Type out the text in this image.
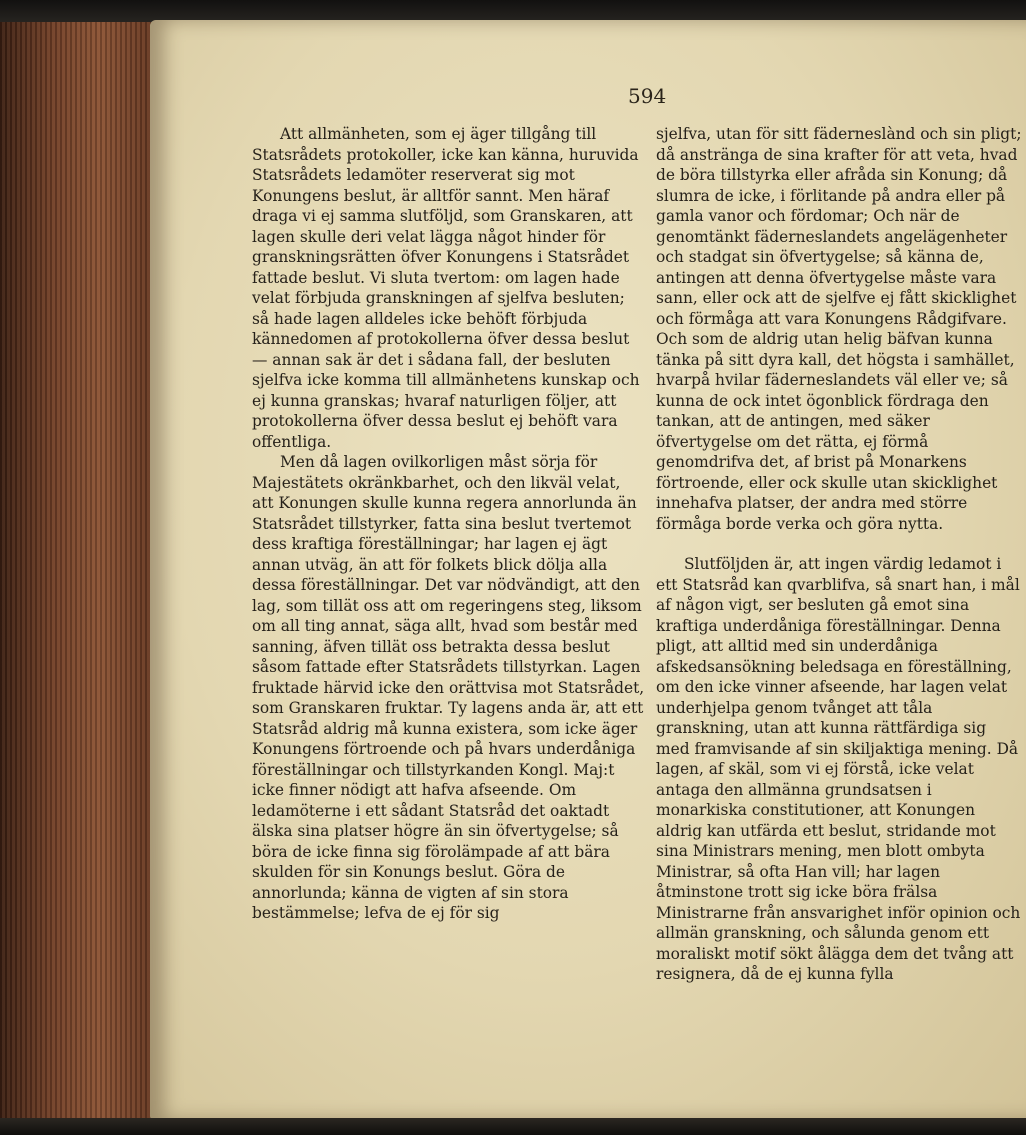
594

Att allmänheten, som ej äger tillgång till Statsrådets protokoller, icke kan känna, huruvida Statsrådets ledamöter reserverat sig mot Konungens beslut, är alltför sannt. Men häraf draga vi ej samma slutföljd, som Granskaren, att lagen skulle deri velat lägga något hinder för granskningsrätten öfver Konungens i Statsrådet fattade beslut. Vi sluta tvertom: om lagen hade velat förbjuda granskningen af sjelfva besluten; så hade lagen alldeles icke behöft förbjuda kännedomen af protokollerna öfver dessa beslut — annan sak är det i sådana fall, der besluten sjelfva icke komma till allmänhetens kunskap och ej kunna granskas; hvaraf naturligen följer, att protokollerna öfver dessa beslut ej behöft vara offentliga.

Men då lagen ovilkorligen måst sörja för Majestätets okränkbarhet, och den likväl velat, att Konungen skulle kunna regera annorlunda än Statsrådet tillstyrker, fatta sina beslut tvertemot dess kraftiga föreställningar; har lagen ej ägt annan utväg, än att för folkets blick dölja alla dessa föreställningar. Det var nödvändigt, att den lag, som tillät oss att om regeringens steg, liksom om all ting annat, säga allt, hvad som består med sanning, äfven tillät oss betrakta dessa beslut såsom fattade efter Statsrådets tillstyrkan. Lagen fruktade härvid icke den orättvisa mot Statsrådet, som Granskaren fruktar. Ty lagens anda är, att ett Statsråd aldrig må kunna existera, som icke äger Konungens förtroende och på hvars underdåniga föreställningar och tillstyrkanden Kongl. Maj:t icke finner nödigt att hafva afseende. Om ledamöterne i ett sådant Statsråd det oaktadt älska sina platser högre än sin öfvertygelse; så böra de icke finna sig förolämpade af att bära skulden för sin Konungs beslut. Göra de annorlunda; känna de vigten af sin stora bestämmelse; lefva de ej för sig

sjelfva, utan för sitt fäderneslànd och sin pligt; då ansträngа de sina krafter för att veta, hvad de böra tillstyrka eller afråda sin Konung; då slumra de icke, i förlitande på andra eller på gamla vanor och fördomar; Och när de genomtänkt fäderneslandets angelägenheter och stadgat sin öfvertygelse; så känna de, antingen att denna öfvertygelse måste vara sann, eller ock att de sjelfve ej fått skicklighet och förmåga att vara Konungens Rådgifvare. Och som de aldrig utan helig bäfvan kunna tänka på sitt dyra kall, det högsta i samhället, hvarpå hvilar fäderneslandets väl eller ve; så kunna de ock intet ögonblick fördraga den tankan, att de antingen, med säker öfvertygelse om det rätta, ej förmå genomdrifva det, af brist på Monarkens förtroende, eller ock skulle utan skicklighet innehafva platser, der andra med större förmåga borde verka och göra nytta.

Slutföljden är, att ingen värdig ledamot i ett Statsråd kan qvarblifva, så snart han, i mål af någon vigt, ser besluten gå emot sina kraftiga underdåniga föreställningar. Denna pligt, att alltid med sin underdåniga afskedsansökning beledsaga en föreställning, om den icke vinner afseende, har lagen velat underhjelpa genom tvånget att tåla granskning, utan att kunna rättfärdiga sig med framvisande af sin skiljaktiga mening. Då lagen, af skäl, som vi ej förstå, icke velat antaga den allmänna grundsatsen i monarkiska constitutioner, att Konungen aldrig kan utfärda ett beslut, stridande mot sina Ministrars mening, men blott ombyta Ministrar, så ofta Han vill; har lagen åtminstone trott sig icke böra frälsa Ministrarne från ansvarighet inför opinion och allmän granskning, och sålunda genom ett moraliskt motif sökt ålägga dem det tvång att resignera, då de ej kunna fylla
